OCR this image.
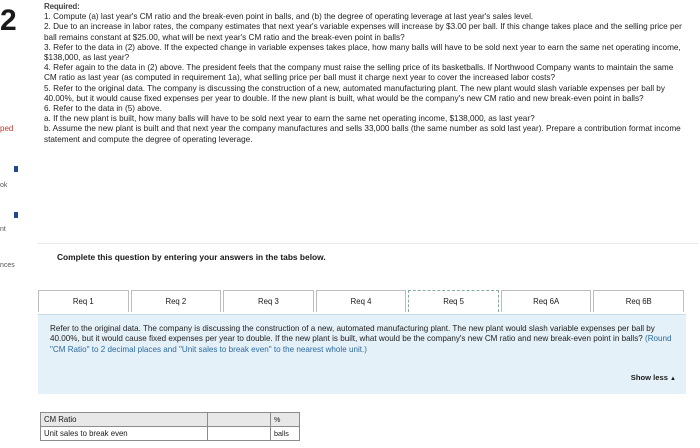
2
ped
ok
nt
nces
Required:
1. Compute (a) last year's CM ratio and the break-even point in balls, and (b) the degree of operating leverage at last year's sales level.
2. Due to an increase in labor rates, the company estimates that next year's variable expenses will increase by $3.00 per ball. If this change takes place and the selling price per ball remains constant at $25.00, what will be next year's CM ratio and the break-even point in balls?
3. Refer to the data in (2) above. If the expected change in variable expenses takes place, how many balls will have to be sold next year to earn the same net operating income, $138,000, as last year?
4. Refer again to the data in (2) above. The president feels that the company must raise the selling price of its basketballs. If Northwood Company wants to maintain the same CM ratio as last year (as computed in requirement 1a), what selling price per ball must it charge next year to cover the increased labor costs?
5. Refer to the original data. The company is discussing the construction of a new, automated manufacturing plant. The new plant would slash variable expenses per ball by 40.00%, but it would cause fixed expenses per year to double. If the new plant is built, what would be the company's new CM ratio and new break-even point in balls?
6. Refer to the data in (5) above.
a. If the new plant is built, how many balls will have to be sold next year to earn the same net operating income, $138,000, as last year?
b. Assume the new plant is built and that next year the company manufactures and sells 33,000 balls (the same number as sold last year). Prepare a contribution format income statement and compute the degree of operating leverage.
Complete this question by entering your answers in the tabs below.
Req 1	Req 2	Req 3	Req 4	Req 5	Req 6A	Req 6B
Refer to the original data. The company is discussing the construction of a new, automated manufacturing plant. The new plant would slash variable expenses per ball by 40.00%, but it would cause fixed expenses per year to double. If the new plant is built, what would be the company's new CM ratio and new break-even point in balls? (Round "CM Ratio" to 2 decimal places and "Unit sales to break even" to the nearest whole unit.)
Show less ▲
CM Ratio		%
Unit sales to break even		balls
